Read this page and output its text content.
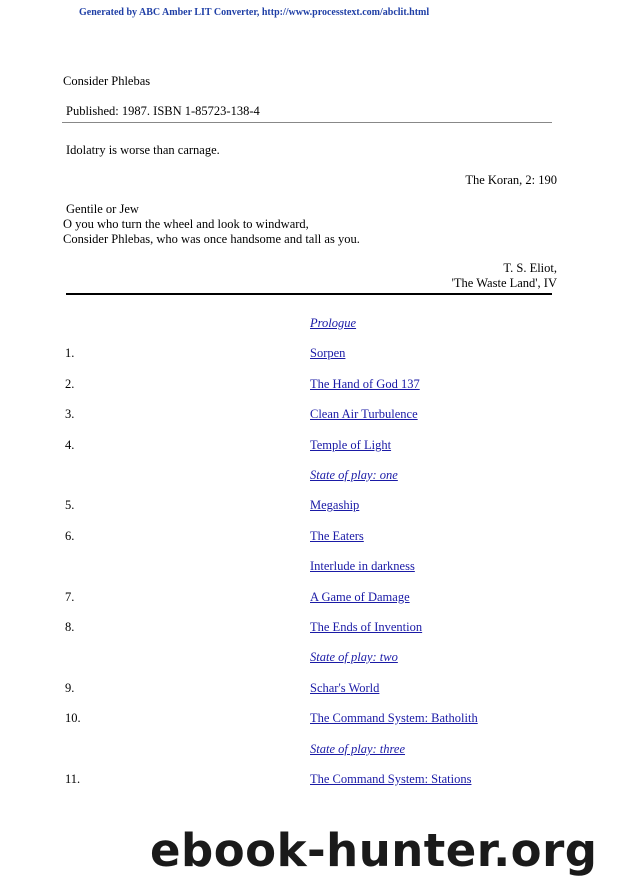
Generated by ABC Amber LIT Converter, http://www.processtext.com/abclit.html
Consider Phlebas
Published: 1987. ISBN 1-85723-138-4
Idolatry is worse than carnage.
The Koran, 2: 190
Gentile or Jew
O you who turn the wheel and look to windward,
Consider Phlebas, who was once handsome and tall as you.
T. S. Eliot,
'The Waste Land', IV
Prologue
1.	Sorpen
2.	The Hand of God 137
3.	Clean Air Turbulence
4.	Temple of Light
State of play: one
5.	Megaship
6.	The Eaters
Interlude in darkness
7.	A Game of Damage
8.	The Ends of Invention
State of play: two
9.	Schar's World
10.	The Command System: Batholith
State of play: three
11.	The Command System: Stations
ebook-hunter.org
